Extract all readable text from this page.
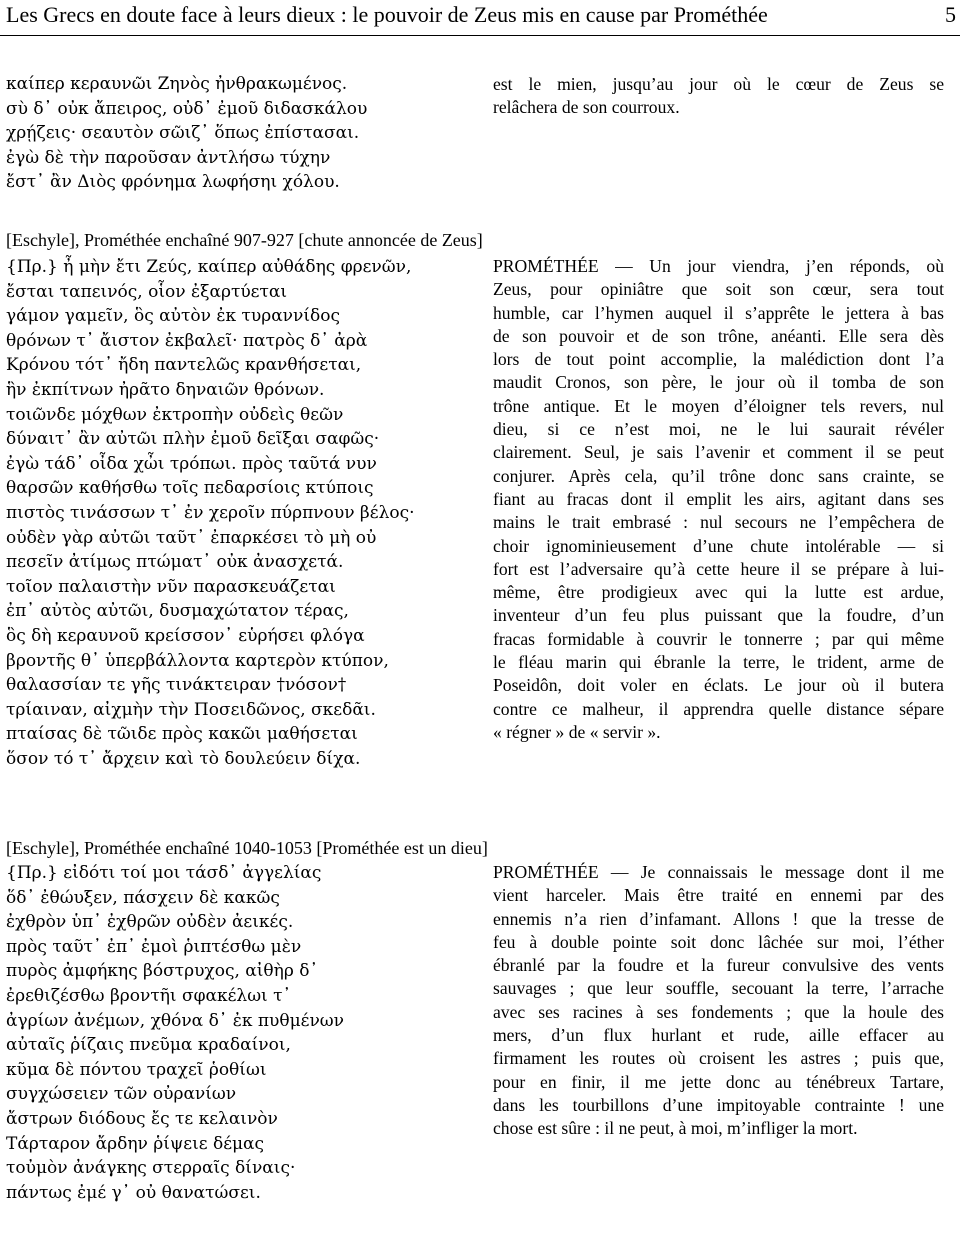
Les Grecs en doute face à leurs dieux : le pouvoir de Zeus mis en cause par Prométhée	5
καίπερ κεραυνῶι Ζηνὸς ἠνθρακωμένος.
σὺ δ᾽ οὐκ ἄπειρος, οὐδ᾽ ἐμοῦ διδασκάλου
χρῄζεις· σεαυτὸν σῶιζ᾽ ὅπως ἐπίστασαι.
ἐγὼ δὲ τὴν παροῦσαν ἀντλήσω τύχην
ἔστ᾽ ἂν Διὸς φρόνημα λωφήσηι χόλου.
est le mien, jusqu’au jour où le cœur de Zeus se
relâchera de son courroux.
[Eschyle], Prométhée enchaîné 907-927 [chute annoncée de Zeus]
{Πρ.} ἦ μὴν ἔτι Ζεύς, καίπερ αὐθάδης φρενῶν,
ἔσται ταπεινός, οἷον ἐξαρτύεται
γάμον γαμεῖν, ὃς αὐτὸν ἐκ τυραννίδος
θρόνων τ᾽ ἄιστον ἐκβαλεῖ· πατρὸς δ᾽ ἀρὰ
Κρόνου τότ᾽ ἤδη παντελῶς κρανθήσεται,
ἣν ἐκπίτνων ἠρᾶτο δηναιῶν θρόνων.
τοιῶνδε μόχθων ἐκτροπὴν οὐδεὶς θεῶν
δύναιτ᾽ ἂν αὐτῶι πλὴν ἐμοῦ δεῖξαι σαφῶς·
ἐγὼ τάδ᾽ οἶδα χὦι τρόπωι. πρὸς ταῦτά νυν
θαρσῶν καθήσθω τοῖς πεδαρσίοις κτύποις
πιστὸς τινάσσων τ᾽ ἐν χεροῖν πύρπνουν βέλος·
οὐδὲν γὰρ αὐτῶι ταῦτ᾽ ἐπαρκέσει τὸ μὴ οὐ
πεσεῖν ἀτίμως πτώματ᾽ οὐκ ἀνασχετά.
τοῖον παλαιστὴν νῦν παρασκευάζεται
ἐπ᾽ αὐτὸς αὐτῶι, δυσμαχώτατον τέρας,
ὃς δὴ κεραυνοῦ κρείσσον᾽ εὑρήσει φλόγα
βροντῆς θ᾽ ὑπερβάλλοντα καρτερὸν κτύπον,
θαλασσίαν τε γῆς τινάκτειραν †νόσον†
τρίαιναν, αἰχμὴν τὴν Ποσειδῶνος, σκεδᾶι.
πταίσας δὲ τῶιδε πρὸς κακῶι μαθήσεται
ὅσον τό τ᾽ ἄρχειν καὶ τὸ δουλεύειν δίχα.
PROMÉTHÉE — Un jour viendra, j’en réponds, où
Zeus, pour opiniâtre que soit son cœur, sera tout
humble, car l’hymen auquel il s’apprête le jettera à bas
de son pouvoir et de son trône, anéanti. Elle sera dès
lors de tout point accomplie, la malédiction dont l’a
maudit Cronos, son père, le jour où il tomba de son
trône antique. Et le moyen d’éloigner tels revers, nul
dieu, si ce n’est moi, ne le lui saurait révéler
clairement. Seul, je sais l’avenir et comment il se peut
conjurer. Après cela, qu’il trône donc sans crainte, se
fiant au fracas dont il emplit les airs, agitant dans ses
mains le trait embrasé : nul secours ne l’empêchera de
choir ignominieusement d’une chute intolérable — si
fort est l’adversaire qu’à cette heure il se prépare à lui-
même, être prodigieux avec qui la lutte est ardue,
inventeur d’un feu plus puissant que la foudre, d’un
fracas formidable à couvrir le tonnerre ; par qui même
le fléau marin qui ébranle la terre, le trident, arme de
Poseidôn, doit voler en éclats. Le jour où il butera
contre ce malheur, il apprendra quelle distance sépare
« régner » de « servir ».
[Eschyle], Prométhée enchaîné 1040-1053 [Prométhée est un dieu]
{Πρ.} εἰδότι τοί μοι τάσδ᾽ ἀγγελίας
ὅδ᾽ ἐθώυξεν, πάσχειν δὲ κακῶς
ἐχθρὸν ὑπ᾽ ἐχθρῶν οὐδὲν ἀεικές.
πρὸς ταῦτ᾽ ἐπ᾽ ἐμοὶ ῥιπτέσθω μὲν
πυρὸς ἀμφήκης βόστρυχος, αἰθὴρ δ᾽
ἐρεθιζέσθω βροντῆι σφακέλωι τ᾽
ἀγρίων ἀνέμων, χθόνα δ᾽ ἐκ πυθμένων
αὐταῖς ῥίζαις πνεῦμα κραδαίνοι,
κῦμα δὲ πόντου τραχεῖ ῥοθίωι
συγχώσειεν τῶν οὐρανίων
ἄστρων διόδους ἔς τε κελαινὸν
Τάρταρον ἄρδην ῥίψειε δέμας
τοὐμὸν ἀνάγκης στερραῖς δίναις·
πάντως ἐμέ γ᾽ οὐ θανατώσει.
PROMÉTHÉE — Je connaissais le message dont il me
vient harceler. Mais être traité en ennemi par des
ennemis n’a rien d’infamant. Allons ! que la tresse de
feu à double pointe soit donc lâchée sur moi, l’éther
ébranlé par la foudre et la fureur convulsive des vents
sauvages ; que leur souffle, secouant la terre, l’arrache
avec ses racines à ses fondements ; que la houle des
mers, d’un flux hurlant et rude, aille effacer au
firmament les routes où croisent les astres ; puis que,
pour en finir, il me jette donc au ténébreux Tartare,
dans les tourbillons d’une impitoyable contrainte ! une
chose est sûre : il ne peut, à moi, m’infliger la mort.
